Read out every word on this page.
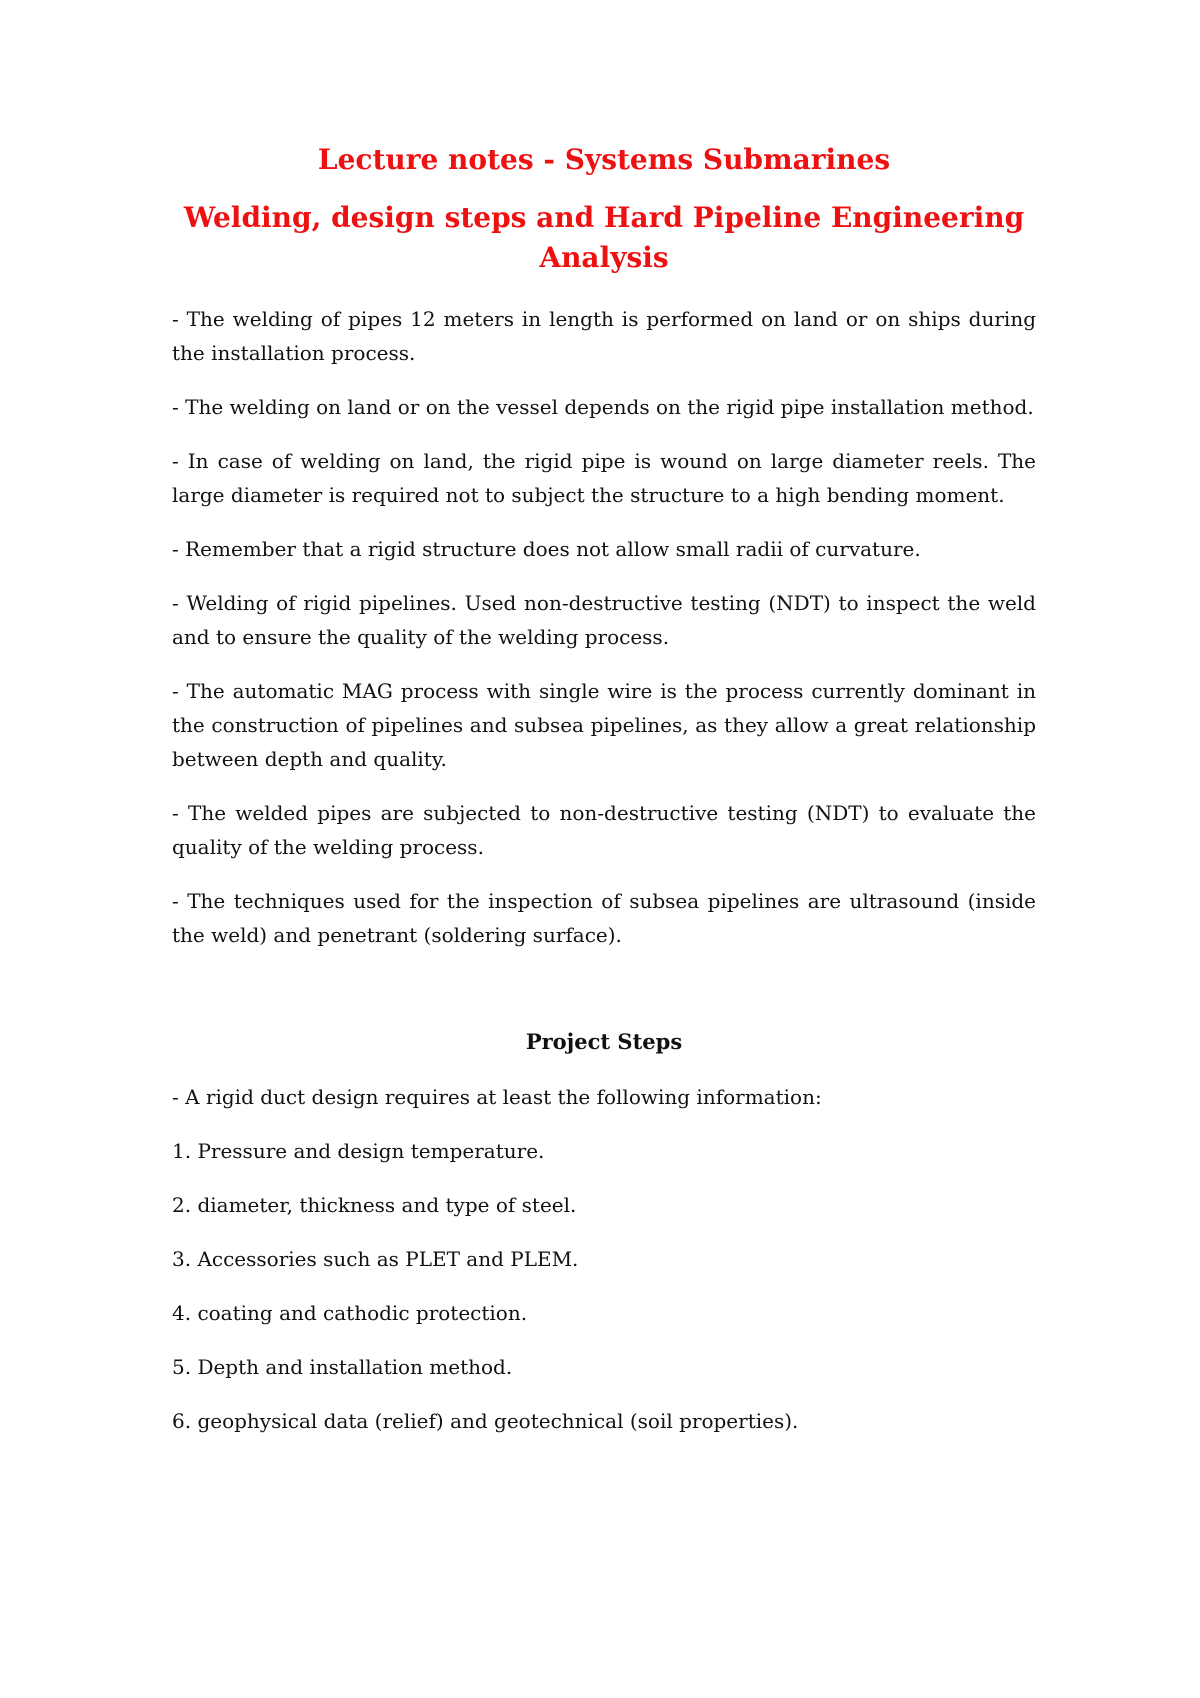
Lecture notes - Systems Submarines
Welding, design steps and Hard Pipeline Engineering Analysis

- The welding of pipes 12 meters in length is performed on land or on ships during the installation process.

- The welding on land or on the vessel depends on the rigid pipe installation method.

- In case of welding on land, the rigid pipe is wound on large diameter reels. The large diameter is required not to subject the structure to a high bending moment.

- Remember that a rigid structure does not allow small radii of curvature.

- Welding of rigid pipelines. Used non-destructive testing (NDT) to inspect the weld and to ensure the quality of the welding process.

- The automatic MAG process with single wire is the process currently dominant in the construction of pipelines and subsea pipelines, as they allow a great relationship between depth and quality.

- The welded pipes are subjected to non-destructive testing (NDT) to evaluate the quality of the welding process.

- The techniques used for the inspection of subsea pipelines are ultrasound (inside the weld) and penetrant (soldering surface).

Project Steps

- A rigid duct design requires at least the following information:

1. Pressure and design temperature.

2. diameter, thickness and type of steel.

3. Accessories such as PLET and PLEM.

4. coating and cathodic protection.

5. Depth and installation method.

6. geophysical data (relief) and geotechnical (soil properties).
